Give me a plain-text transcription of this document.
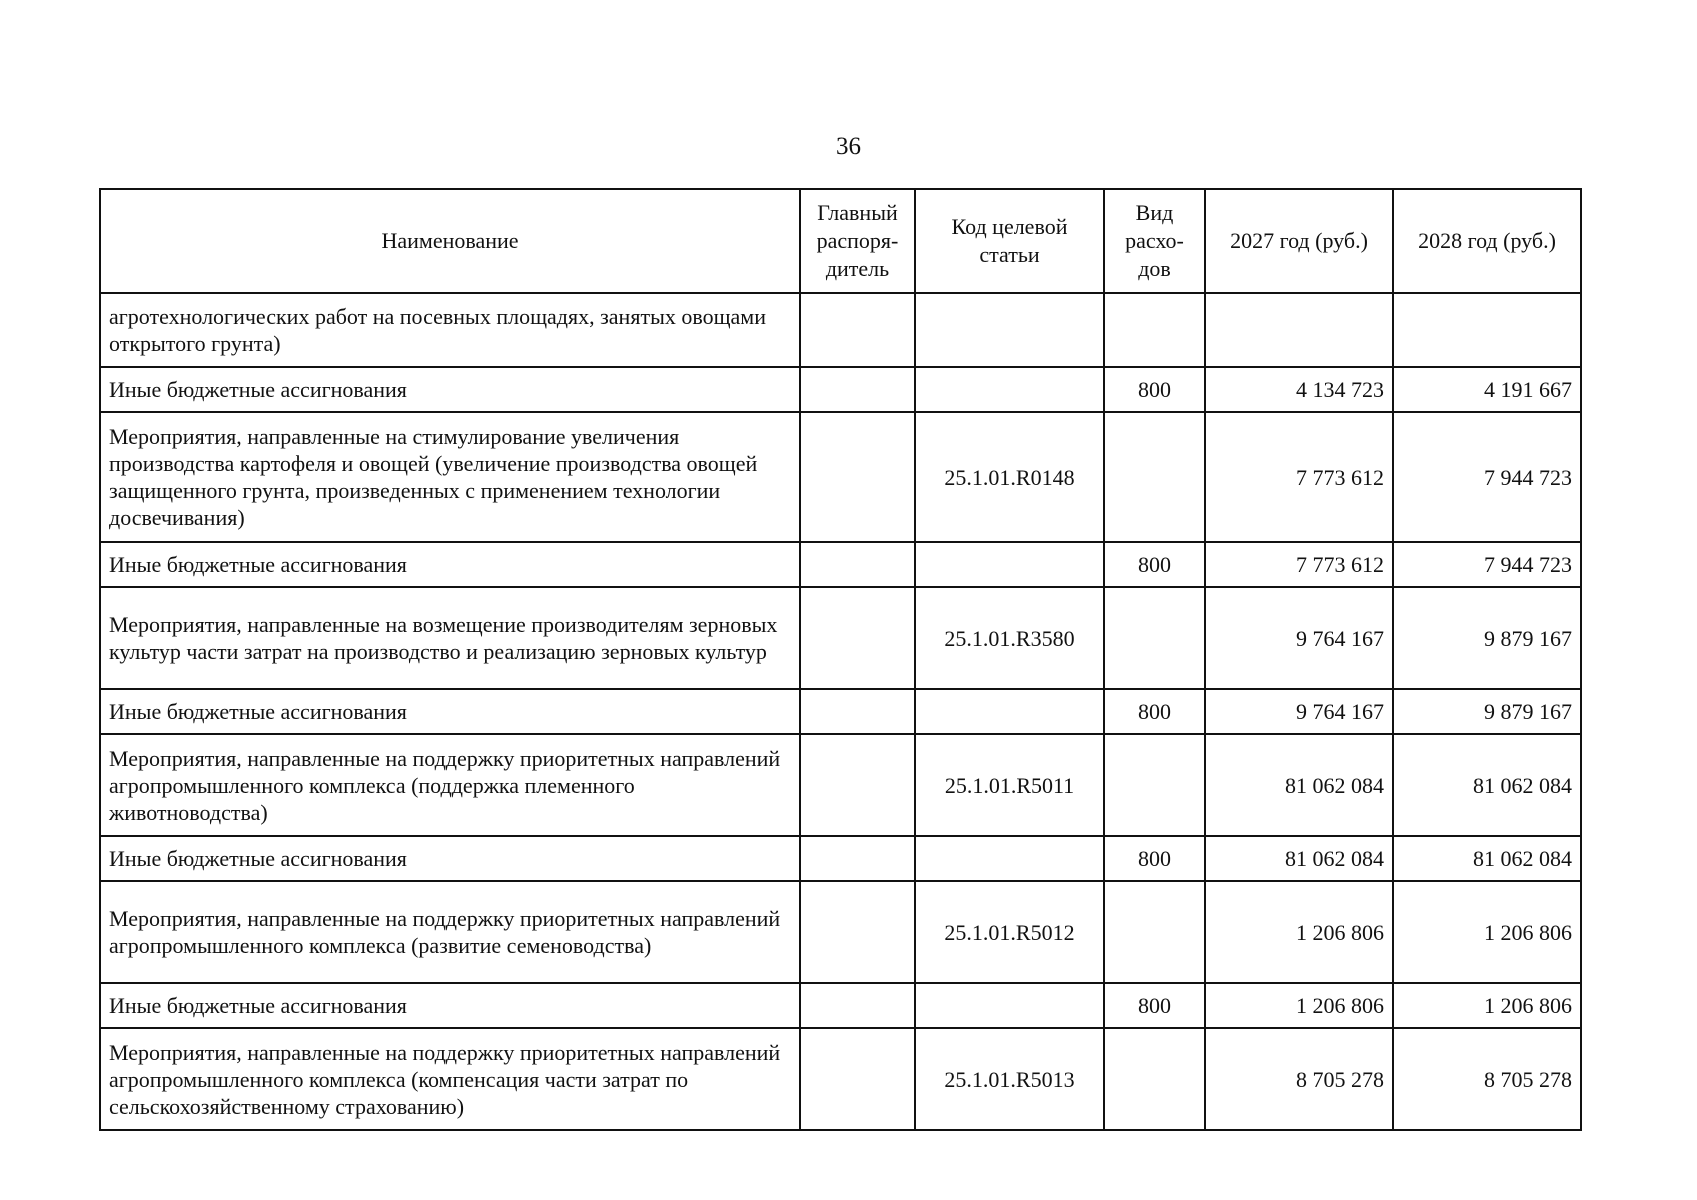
36
Наименование	Главный распоря-дитель	Код целевой статьи	Вид расхо-дов	2027 год (руб.)	2028 год (руб.)
агротехнологических работ на посевных площадях, занятых овощами открытого грунта)					
Иные бюджетные ассигнования			800	4 134 723	4 191 667
Мероприятия, направленные на стимулирование увеличения производства картофеля и овощей (увеличение производства овощей защищенного грунта, произведенных с применением технологии досвечивания)		25.1.01.R0148		7 773 612	7 944 723
Иные бюджетные ассигнования			800	7 773 612	7 944 723
Мероприятия, направленные на возмещение производителям зерновых культур части затрат на производство и реализацию зерновых культур		25.1.01.R3580		9 764 167	9 879 167
Иные бюджетные ассигнования			800	9 764 167	9 879 167
Мероприятия, направленные на поддержку приоритетных направлений агропромышленного комплекса (поддержка племенного животноводства)		25.1.01.R5011		81 062 084	81 062 084
Иные бюджетные ассигнования			800	81 062 084	81 062 084
Мероприятия, направленные на поддержку приоритетных направлений агропромышленного комплекса (развитие семеноводства)		25.1.01.R5012		1 206 806	1 206 806
Иные бюджетные ассигнования			800	1 206 806	1 206 806
Мероприятия, направленные на поддержку приоритетных направлений агропромышленного комплекса (компенсация части затрат по сельскохозяйственному страхованию)		25.1.01.R5013		8 705 278	8 705 278
